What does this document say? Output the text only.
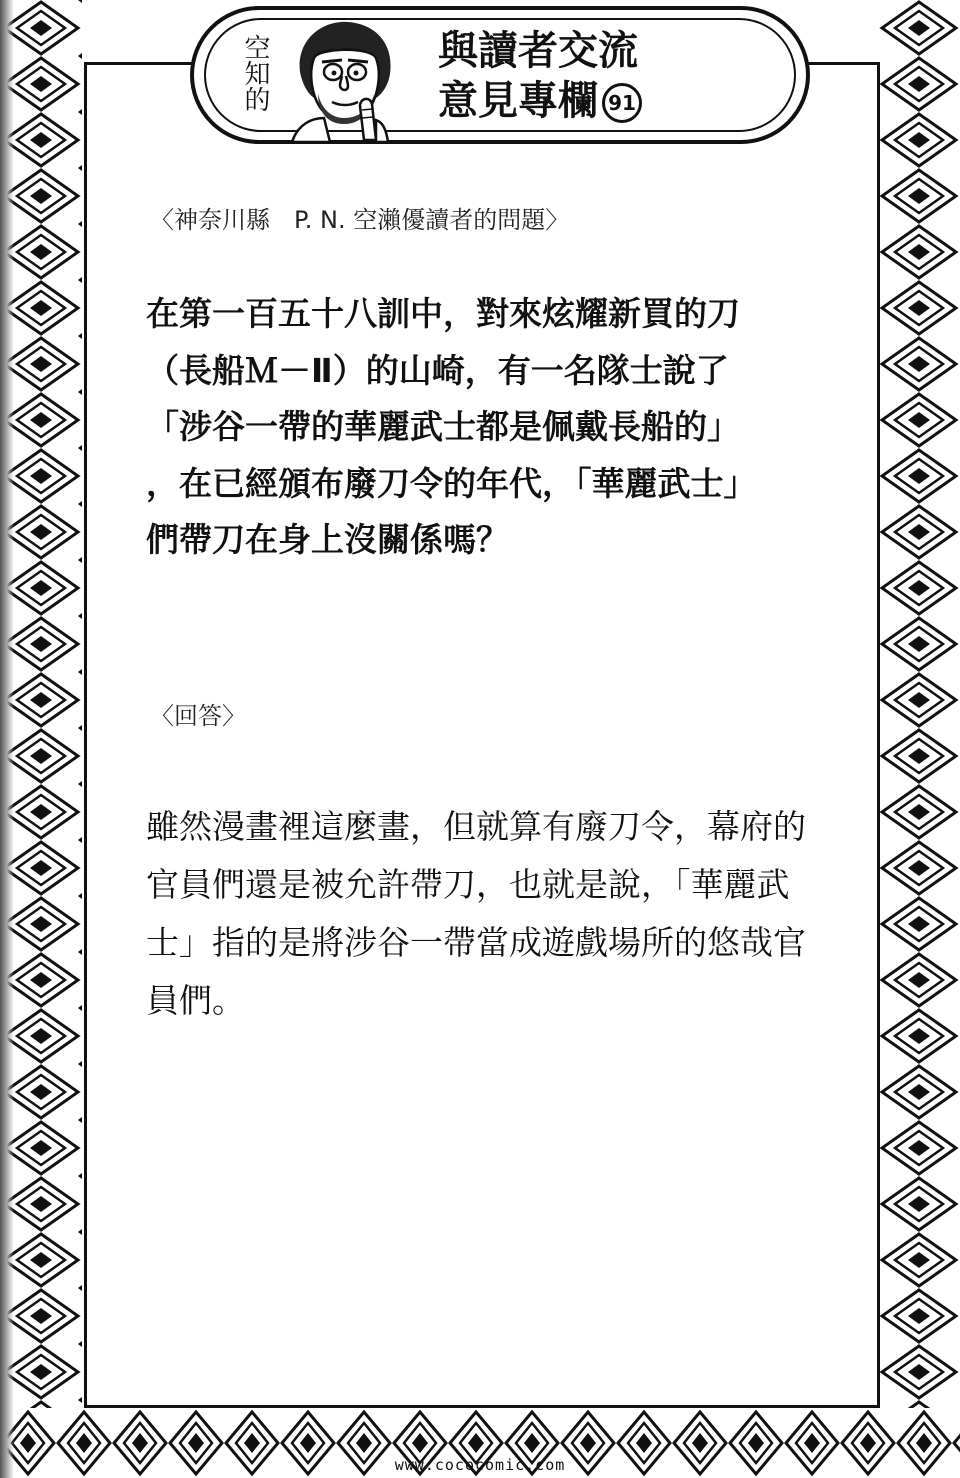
空知的	與讀者交流
意見專欄 91
〈神奈川縣　P. N. 空瀨優讀者的問題〉
在第一百五十八訓中，對來炫耀新買的刀
（長船Ｍ－Ⅱ）的山崎，有一名隊士說了
「涉谷一帶的華麗武士都是佩戴長船的」
，在已經頒布廢刀令的年代，「華麗武士」
們帶刀在身上沒關係嗎？
〈回答〉
雖然漫畫裡這麼畫，但就算有廢刀令，幕府的
官員們還是被允許帶刀，也就是說，「華麗武
士」指的是將涉谷一帶當成遊戲場所的悠哉官
員們。
www.cococomic.com
